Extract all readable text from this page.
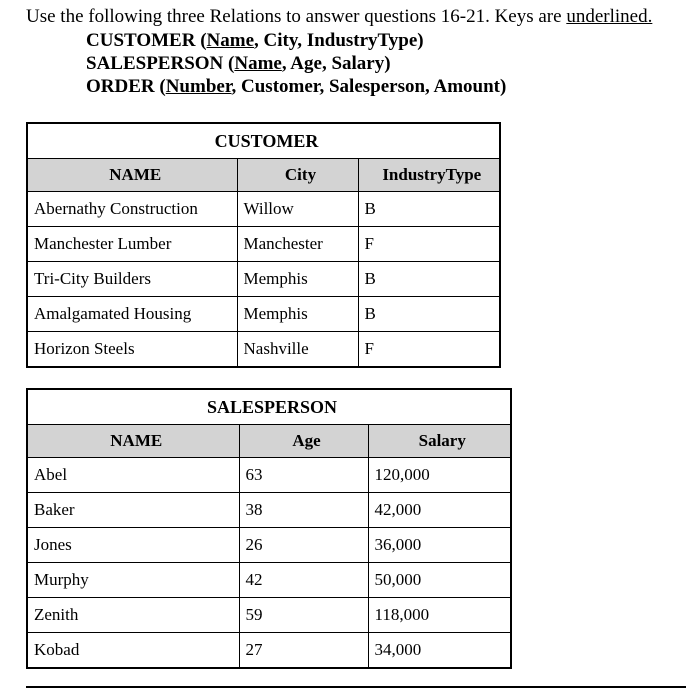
Use the following three Relations to answer questions 16-21. Keys are underlined.
CUSTOMER (Name, City, IndustryType)
SALESPERSON (Name, Age, Salary)
ORDER (Number, Customer, Salesperson, Amount)
CUSTOMER		
NAME	City	IndustryType
Abernathy Construction	Willow	B
Manchester Lumber	Manchester	F
Tri-City Builders	Memphis	B
Amalgamated Housing	Memphis	B
Horizon Steels	Nashville	F
SALESPERSON		
NAME	Age	Salary
Abel	63	120,000
Baker	38	42,000
Jones	26	36,000
Murphy	42	50,000
Zenith	59	118,000
Kobad	27	34,000
